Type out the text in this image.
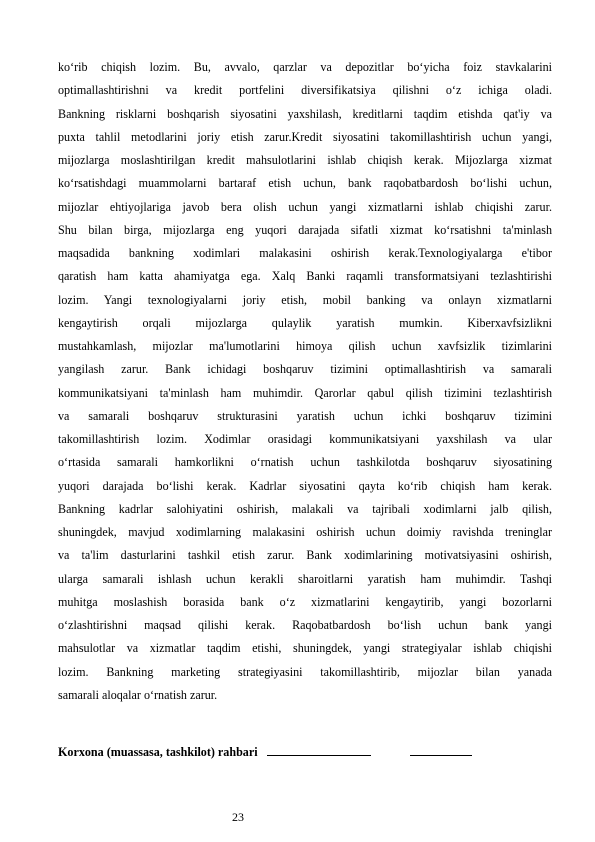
ko‘rib chiqish lozim. Bu, avvalo, qarzlar va depozitlar bo‘yicha foiz stavkalarini
optimallashtirishni va kredit portfelini diversifikatsiya qilishni o‘z ichiga oladi.
Bankning risklarni boshqarish siyosatini yaxshilash, kreditlarni taqdim etishda qat'iy va
puxta tahlil metodlarini joriy etish zarur.Kredit siyosatini takomillashtirish uchun yangi,
mijozlarga moslashtirilgan kredit mahsulotlarini ishlab chiqish kerak. Mijozlarga xizmat
ko‘rsatishdagi muammolarni bartaraf etish uchun, bank raqobatbardosh bo‘lishi uchun,
mijozlar ehtiyojlariga javob bera olish uchun yangi xizmatlarni ishlab chiqishi zarur.
Shu bilan birga, mijozlarga eng yuqori darajada sifatli xizmat ko‘rsatishni ta'minlash
maqsadida bankning xodimlari malakasini oshirish kerak.Texnologiyalarga e'tibor
qaratish ham katta ahamiyatga ega. Xalq Banki raqamli transformatsiyani tezlashtirishi
lozim. Yangi texnologiyalarni joriy etish, mobil banking va onlayn xizmatlarni
kengaytirish orqali mijozlarga qulaylik yaratish mumkin. Kiberxavfsizlikni
mustahkamlash, mijozlar ma'lumotlarini himoya qilish uchun xavfsizlik tizimlarini
yangilash zarur. Bank ichidagi boshqaruv tizimini optimallashtirish va samarali
kommunikatsiyani ta'minlash ham muhimdir. Qarorlar qabul qilish tizimini tezlashtirish
va samarali boshqaruv strukturasini yaratish uchun ichki boshqaruv tizimini
takomillashtirish lozim. Xodimlar orasidagi kommunikatsiyani yaxshilash va ular
o‘rtasida samarali hamkorlikni o‘rnatish uchun tashkilotda boshqaruv siyosatining
yuqori darajada bo‘lishi kerak. Kadrlar siyosatini qayta ko‘rib chiqish ham kerak.
Bankning kadrlar salohiyatini oshirish, malakali va tajribali xodimlarni jalb qilish,
shuningdek, mavjud xodimlarning malakasini oshirish uchun doimiy ravishda treninglar
va ta'lim dasturlarini tashkil etish zarur. Bank xodimlarining motivatsiyasini oshirish,
ularga samarali ishlash uchun kerakli sharoitlarni yaratish ham muhimdir. Tashqi
muhitga moslashish borasida bank o‘z xizmatlarini kengaytirib, yangi bozorlarni
o‘zlashtirishni maqsad qilishi kerak. Raqobatbardosh bo‘lish uchun bank yangi
mahsulotlar va xizmatlar taqdim etishi, shuningdek, yangi strategiyalar ishlab chiqishi
lozim. Bankning marketing strategiyasini takomillashtirib, mijozlar bilan yanada
samarali aloqalar o‘rnatish zarur.
Korxona (muassasa, tashkilot) rahbari
23
